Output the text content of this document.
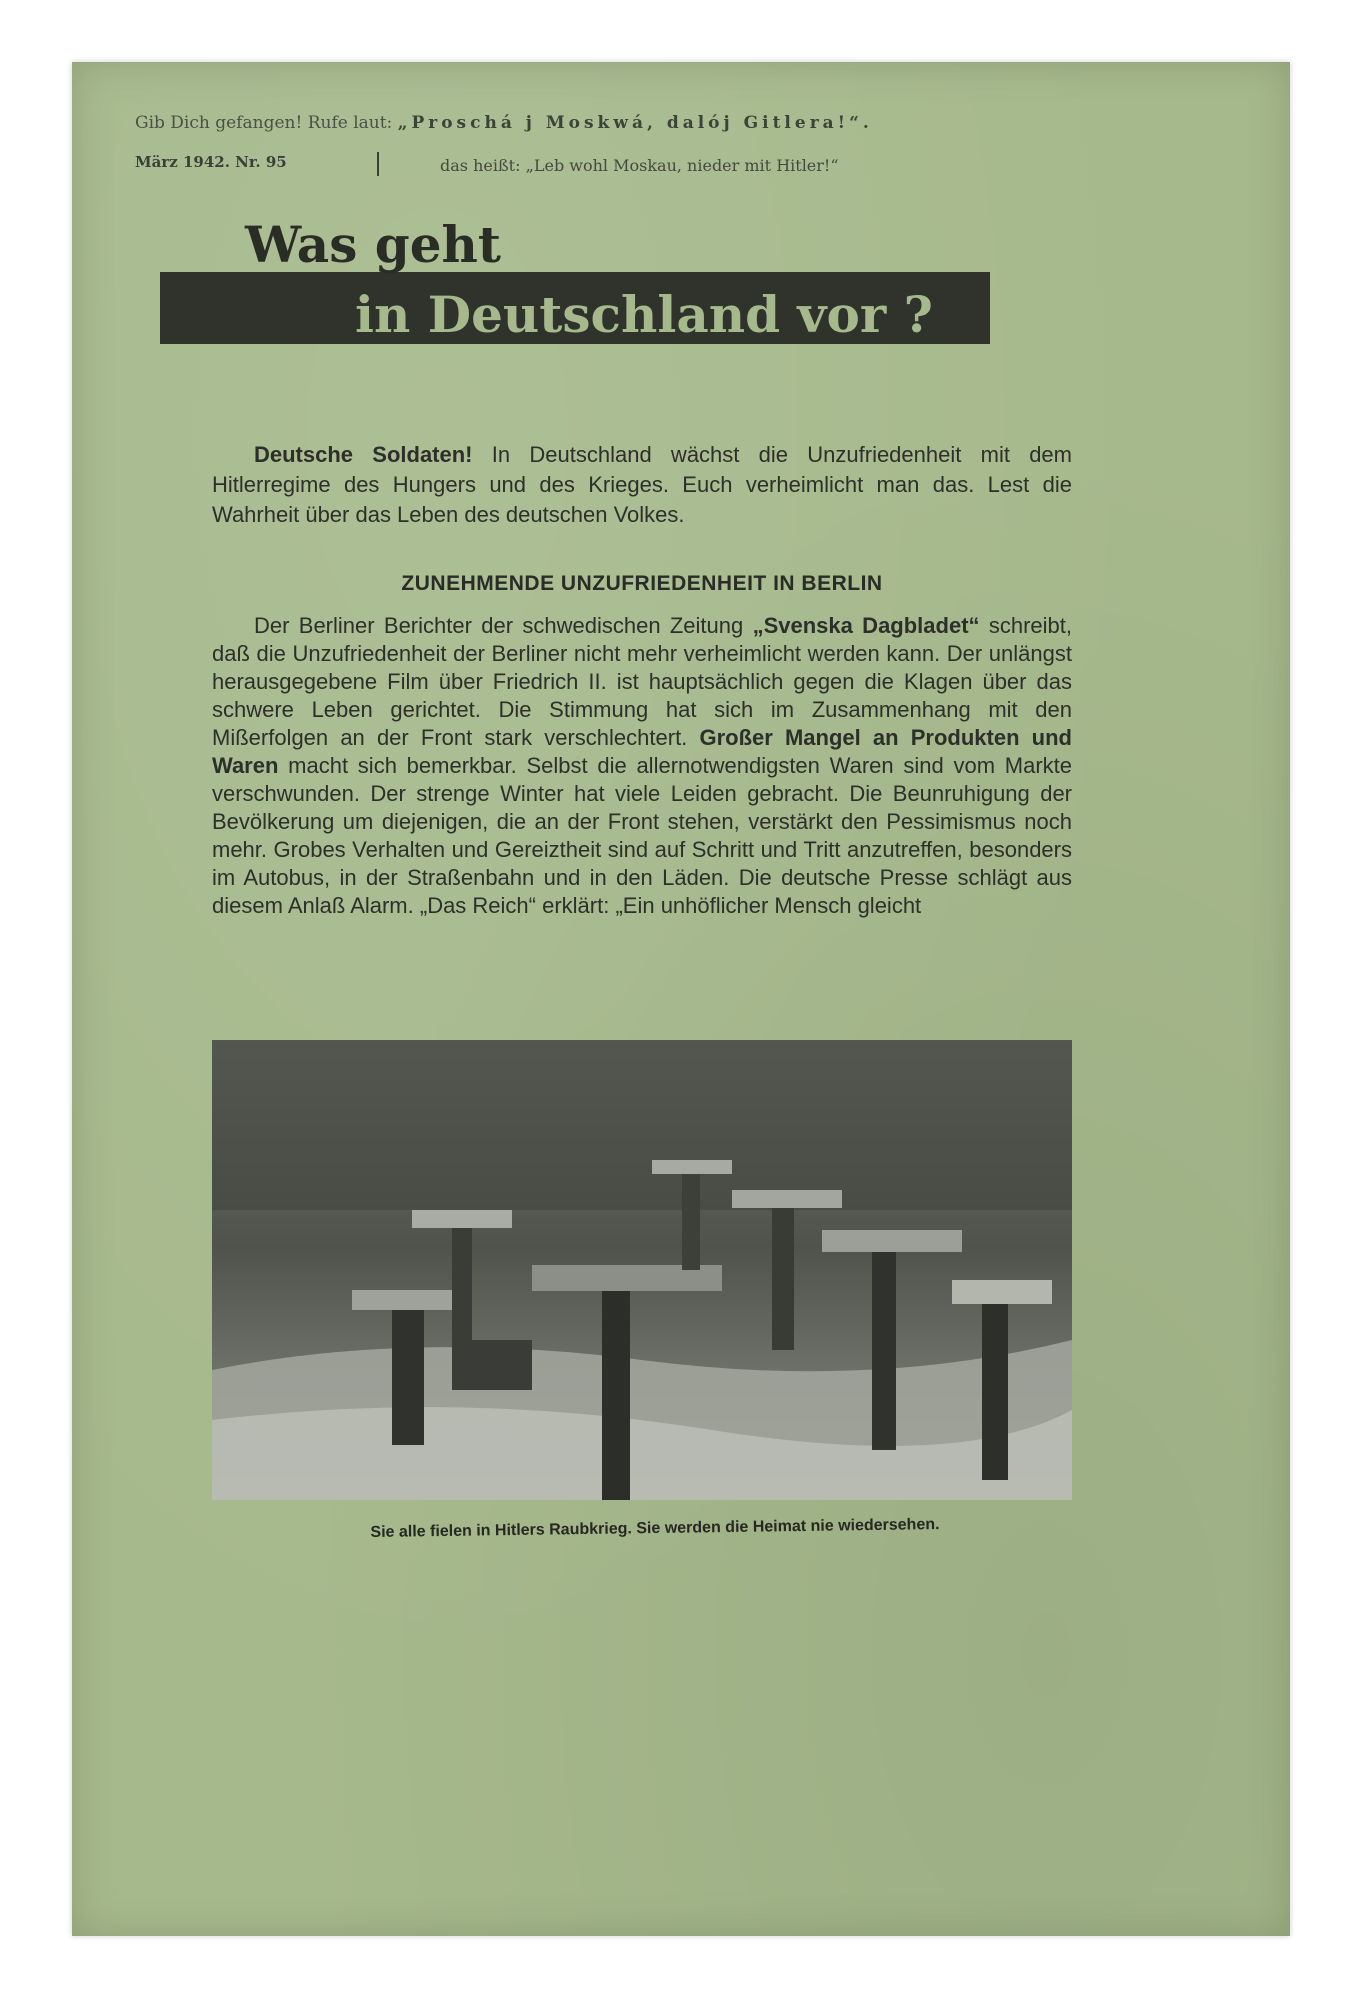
Gib Dich gefangen! Rufe laut: „Proschá j Moskwá, dalój Gitlera!“.
März 1942. Nr. 95	das heißt: „Leb wohl Moskau, nieder mit Hitler!“
Was geht
in Deutschland vor ?
Deutsche Soldaten! In Deutschland wächst die Unzufriedenheit mit dem Hitlerregime des Hungers und des Krieges. Euch verheimlicht man das. Lest die Wahrheit über das Leben des deutschen Volkes.
ZUNEHMENDE UNZUFRIEDENHEIT IN BERLIN
Der Berliner Berichter der schwedischen Zeitung „Svenska Dagbladet“ schreibt, daß die Unzufriedenheit der Berliner nicht mehr verheimlicht werden kann. Der unlängst herausgegebene Film über Friedrich II. ist hauptsächlich gegen die Klagen über das schwere Leben gerichtet. Die Stimmung hat sich im Zusammenhang mit den Mißerfolgen an der Front stark verschlechtert. Großer Mangel an Produkten und Waren macht sich bemerkbar. Selbst die allernotwendigsten Waren sind vom Markte verschwunden. Der strenge Winter hat viele Leiden gebracht. Die Beunruhigung der Bevölkerung um diejenigen, die an der Front stehen, verstärkt den Pessimismus noch mehr. Grobes Verhalten und Gereiztheit sind auf Schritt und Tritt anzutreffen, besonders im Autobus, in der Straßenbahn und in den Läden. Die deutsche Presse schlägt aus diesem Anlaß Alarm. „Das Reich“ erklärt: „Ein unhöflicher Mensch gleicht
Sie alle fielen in Hitlers Raubkrieg. Sie werden die Heimat nie wiedersehen.
